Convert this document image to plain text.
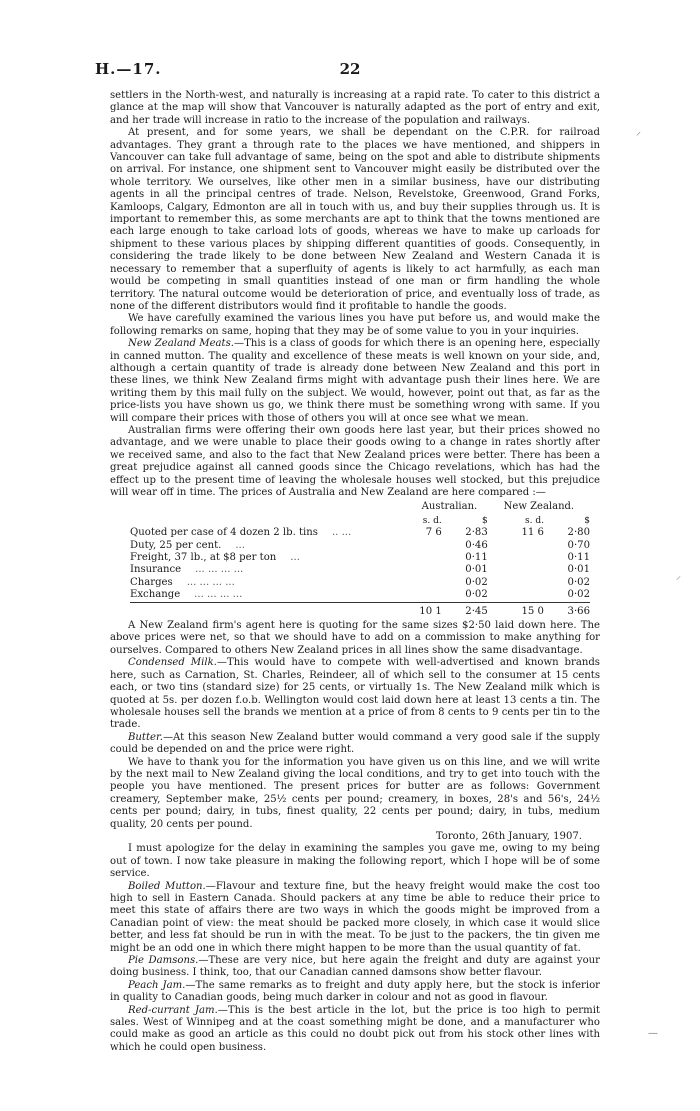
H.—17.	22
⸍
⸝
—

settlers in the North-west, and naturally is increasing at a rapid rate. To cater to this district a glance at the map will show that Vancouver is naturally adapted as the port of entry and exit, and her trade will increase in ratio to the increase of the population and railways.

At present, and for some years, we shall be dependant on the C.P.R. for railroad advantages. They grant a through rate to the places we have mentioned, and shippers in Vancouver can take full advantage of same, being on the spot and able to distribute shipments on arrival. For instance, one shipment sent to Vancouver might easily be distributed over the whole territory. We ourselves, like other men in a similar business, have our distributing agents in all the principal centres of trade. Nelson, Revelstoke, Greenwood, Grand Forks, Kamloops, Calgary, Edmonton are all in touch with us, and buy their supplies through us. It is important to remember this, as some merchants are apt to think that the towns mentioned are each large enough to take carload lots of goods, whereas we have to make up carloads for shipment to these various places by shipping different quantities of goods. Consequently, in considering the trade likely to be done between New Zealand and Western Canada it is necessary to remember that a superfluity of agents is likely to act harmfully, as each man would be competing in small quantities instead of one man or firm handling the whole territory. The natural outcome would be deterioration of price, and eventually loss of trade, as none of the different distributors would find it profitable to handle the goods.

We have carefully examined the various lines you have put before us, and would make the following remarks on same, hoping that they may be of some value to you in your inquiries.

New Zealand Meats.—This is a class of goods for which there is an opening here, especially in canned mutton. The quality and excellence of these meats is well known on your side, and, although a certain quantity of trade is already done between New Zealand and this port in these lines, we think New Zealand firms might with advantage push their lines here. We are writing them by this mail fully on the subject. We would, however, point out that, as far as the price-lists you have shown us go, we think there must be something wrong with same. If you will compare their prices with those of others you will at once see what we mean.

Australian firms were offering their own goods here last year, but their prices showed no advantage, and we were unable to place their goods owing to a change in rates shortly after we received same, and also to the fact that New Zealand prices were better. There has been a great prejudice against all canned goods since the Chicago revelations, which has had the effect up to the present time of leaving the wholesale houses well stocked, but this prejudice will wear off in time. The prices of Australia and New Zealand are here compared :—

	Australian.		New Zealand.	
	s. d.	$	s. d.	$
Quoted per case of 4 dozen 2 lb. tins .. ...	7 6	2·83	11 6	2·80
Duty, 25 per cent. ...		0·46		0·70
Freight, 37 lb., at $8 per ton ...		0·11		0·11
Insurance ... ... ... ...		0·01		0·01
Charges ... ... ... ...		0·02		0·02
Exchange ... ... ... ...		0·02		0·02
	10 1	2·45	15 0	3·66

A New Zealand firm's agent here is quoting for the same sizes $2·50 laid down here. The above prices were net, so that we should have to add on a commission to make anything for ourselves. Compared to others New Zealand prices in all lines show the same disadvantage.

Condensed Milk.—This would have to compete with well-advertised and known brands here, such as Carnation, St. Charles, Reindeer, all of which sell to the consumer at 15 cents each, or two tins (standard size) for 25 cents, or virtually 1s. The New Zealand milk which is quoted at 5s. per dozen f.o.b. Wellington would cost laid down here at least 13 cents a tin. The wholesale houses sell the brands we mention at a price of from 8 cents to 9 cents per tin to the trade.

Butter.—At this season New Zealand butter would command a very good sale if the supply could be depended on and the price were right.

We have to thank you for the information you have given us on this line, and we will write by the next mail to New Zealand giving the local conditions, and try to get into touch with the people you have mentioned. The present prices for butter are as follows: Government creamery, September make, 25½ cents per pound; creamery, in boxes, 28's and 56's, 24½ cents per pound; dairy, in tubs, finest quality, 22 cents per pound; dairy, in tubs, medium quality, 20 cents per pound.

Toronto, 26th January, 1907.

I must apologize for the delay in examining the samples you gave me, owing to my being out of town. I now take pleasure in making the following report, which I hope will be of some service.

Boiled Mutton.—Flavour and texture fine, but the heavy freight would make the cost too high to sell in Eastern Canada. Should packers at any time be able to reduce their price to meet this state of affairs there are two ways in which the goods might be improved from a Canadian point of view: the meat should be packed more closely, in which case it would slice better, and less fat should be run in with the meat. To be just to the packers, the tin given me might be an odd one in which there might happen to be more than the usual quantity of fat.

Pie Damsons.—These are very nice, but here again the freight and duty are against your doing business. I think, too, that our Canadian canned damsons show better flavour.

Peach Jam.—The same remarks as to freight and duty apply here, but the stock is inferior in quality to Canadian goods, being much darker in colour and not as good in flavour.

Red-currant Jam.—This is the best article in the lot, but the price is too high to permit sales. West of Winnipeg and at the coast something might be done, and a manufacturer who could make as good an article as this could no doubt pick out from his stock other lines with which he could open business.
